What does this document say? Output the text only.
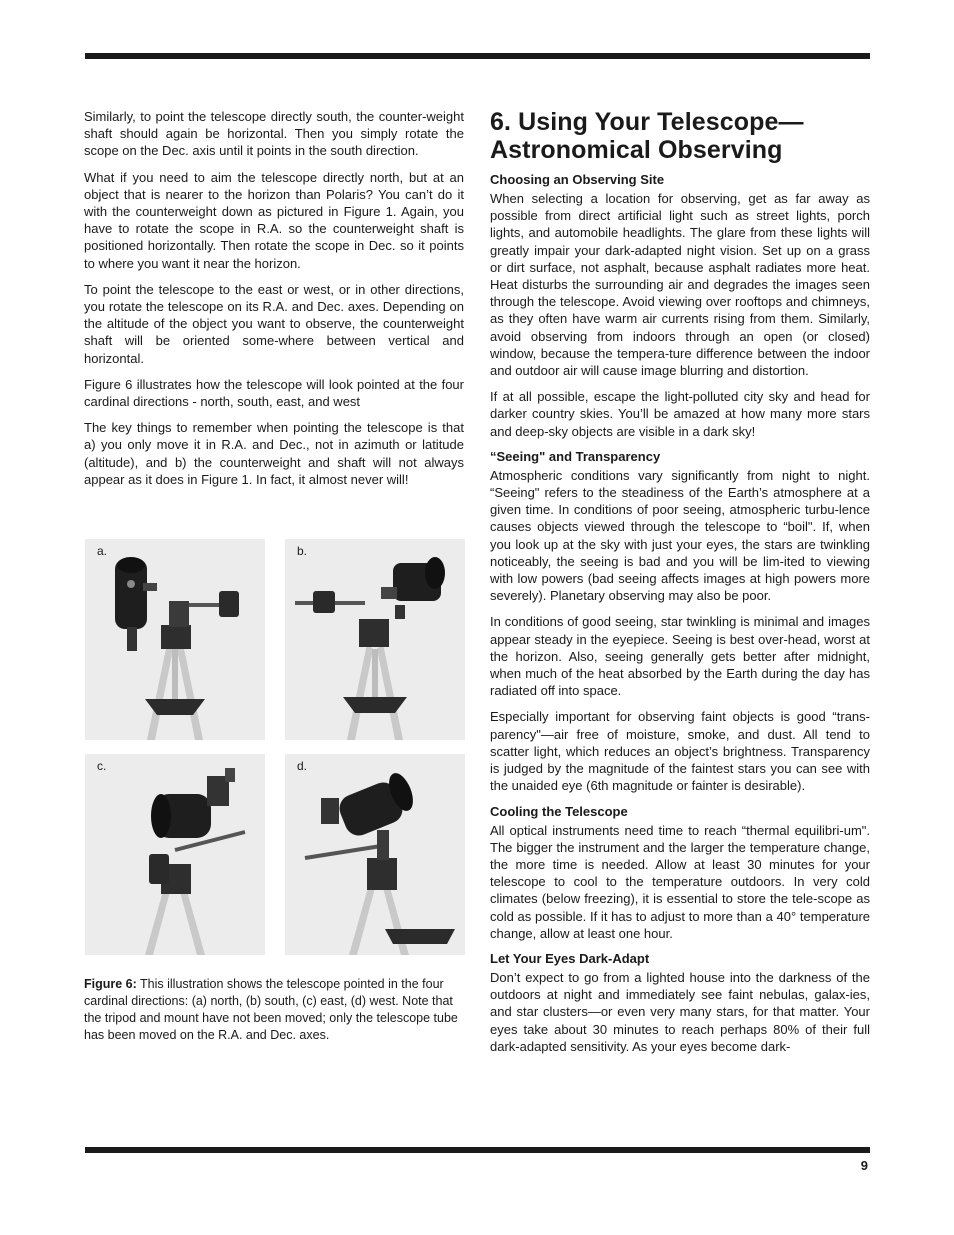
Similarly, to point the telescope directly south, the counter-weight shaft should again be horizontal. Then you simply rotate the scope on the Dec. axis until it points in the south direction.

What if you need to aim the telescope directly north, but at an object that is nearer to the horizon than Polaris? You can’t do it with the counterweight down as pictured in Figure 1. Again, you have to rotate the scope in R.A. so the counterweight shaft is positioned horizontally. Then rotate the scope in Dec. so it points to where you want it near the horizon.

To point the telescope to the east or west, or in other directions, you rotate the telescope on its R.A. and Dec. axes. Depending on the altitude of the object you want to observe, the counterweight shaft will be oriented some-where between vertical and horizontal.

Figure 6 illustrates how the telescope will look pointed at the four cardinal directions - north, south, east, and west

The key things to remember when pointing the telescope is that a) you only move it in R.A. and Dec., not in azimuth or latitude (altitude), and b) the counterweight and shaft will not always appear as it does in Figure 1. In fact, it almost never will!

a.	b.
c.	d.
Figure 6: This illustration shows the telescope pointed in the four cardinal directions: (a) north, (b) south, (c) east, (d) west. Note that the tripod and mount have not been moved; only the telescope tube has been moved on the R.A. and Dec. axes.
6. Using Your Telescope—
Astronomical Observing
Choosing an Observing Site

When selecting a location for observing, get as far away as possible from direct artificial light such as street lights, porch lights, and automobile headlights. The glare from these lights will greatly impair your dark-adapted night vision. Set up on a grass or dirt surface, not asphalt, because asphalt radiates more heat. Heat disturbs the surrounding air and degrades the images seen through the telescope. Avoid viewing over rooftops and chimneys, as they often have warm air currents rising from them. Similarly, avoid observing from indoors through an open (or closed) window, because the tempera-ture difference between the indoor and outdoor air will cause image blurring and distortion.

If at all possible, escape the light-polluted city sky and head for darker country skies. You’ll be amazed at how many more stars and deep-sky objects are visible in a dark sky!

“Seeing" and Transparency

Atmospheric conditions vary significantly from night to night. “Seeing" refers to the steadiness of the Earth’s atmosphere at a given time. In conditions of poor seeing, atmospheric turbu-lence causes objects viewed through the telescope to “boil". If, when you look up at the sky with just your eyes, the stars are twinkling noticeably, the seeing is bad and you will be lim-ited to viewing with low powers (bad seeing affects images at high powers more severely). Planetary observing may also be poor.

In conditions of good seeing, star twinkling is minimal and images appear steady in the eyepiece. Seeing is best over-head, worst at the horizon. Also, seeing generally gets better after midnight, when much of the heat absorbed by the Earth during the day has radiated off into space.

Especially important for observing faint objects is good “trans-parency"—air free of moisture, smoke, and dust. All tend to scatter light, which reduces an object’s brightness. Transparency is judged by the magnitude of the faintest stars you can see with the unaided eye (6th magnitude or fainter is desirable).

Cooling the Telescope

All optical instruments need time to reach “thermal equilibri-um". The bigger the instrument and the larger the temperature change, the more time is needed. Allow at least 30 minutes for your telescope to cool to the temperature outdoors. In very cold climates (below freezing), it is essential to store the tele-scope as cold as possible. If it has to adjust to more than a 40° temperature change, allow at least one hour.

Let Your Eyes Dark-Adapt

Don’t expect to go from a lighted house into the darkness of the outdoors at night and immediately see faint nebulas, galax-ies, and star clusters—or even very many stars, for that matter. Your eyes take about 30 minutes to reach perhaps 80% of their full dark-adapted sensitivity. As your eyes become dark-

9
